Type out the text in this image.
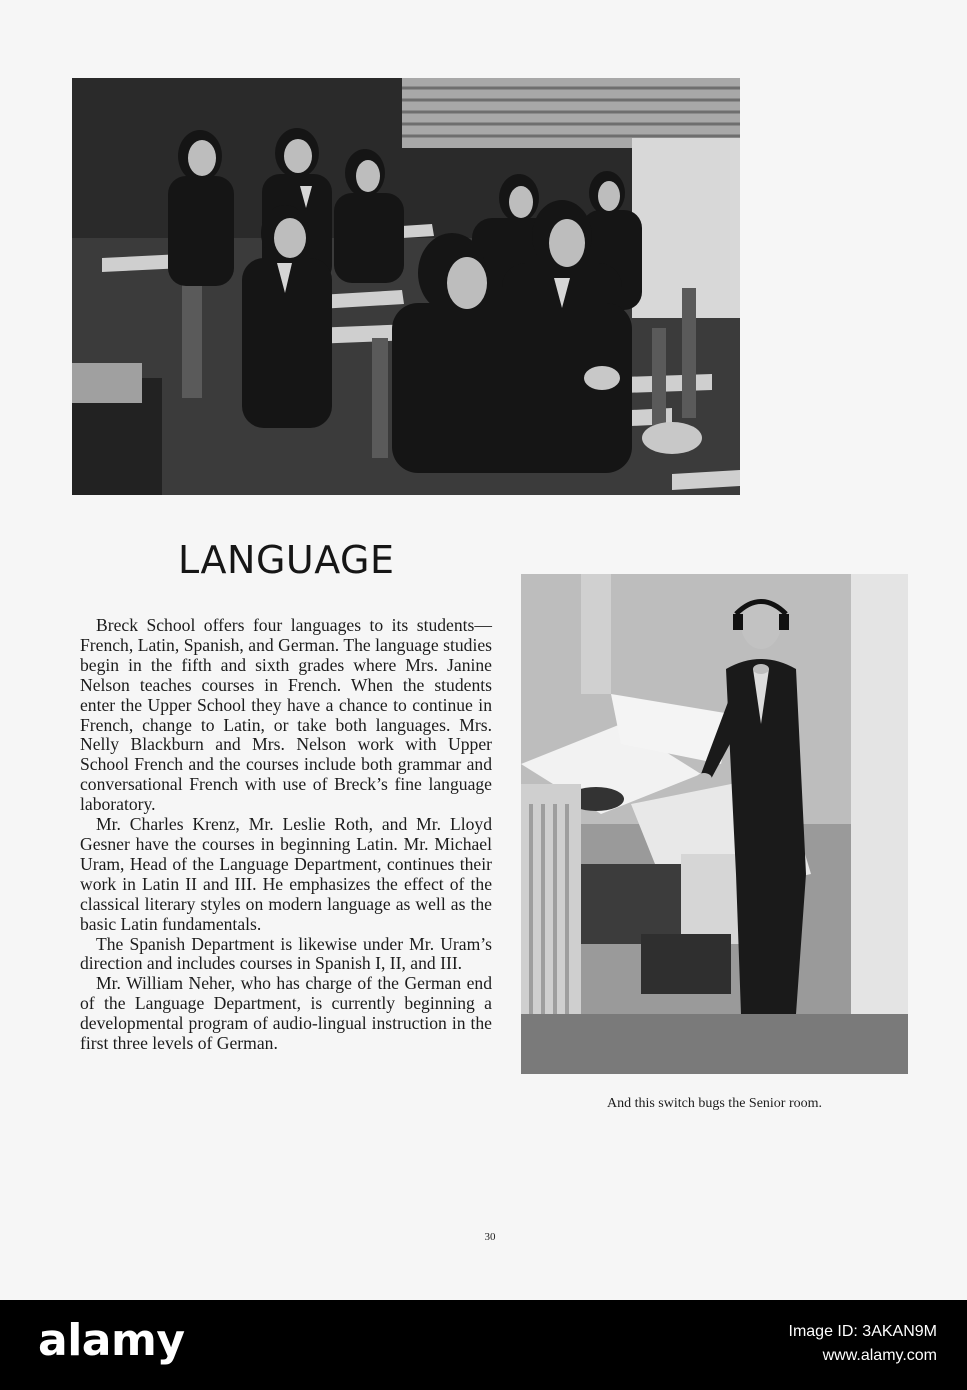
LANGUAGE

Breck School offers four languages to its students—French, Latin, Spanish, and German. The language studies begin in the fifth and sixth grades where Mrs. Janine Nelson teaches courses in French. When the students enter the Upper School they have a chance to continue in French, change to Latin, or take both languages. Mrs. Nelly Blackburn and Mrs. Nelson work with Upper School French and the courses include both grammar and conversational French with use of Breck’s fine language laboratory.

Mr. Charles Krenz, Mr. Leslie Roth, and Mr. Lloyd Gesner have the courses in beginning Latin. Mr. Michael Uram, Head of the Language Department, continues their work in Latin II and III. He emphasizes the effect of the classical literary styles on modern language as well as the basic Latin fundamentals.

The Spanish Department is likewise under Mr. Uram’s direction and includes courses in Spanish I, II, and III.

Mr. William Neher, who has charge of the German end of the Language Department, is currently beginning a developmental program of audio-lingual instruction in the first three levels of German.

And this switch bugs the Senior room.
30
alamy	Image ID: 3AKAN9M
www.alamy.com
